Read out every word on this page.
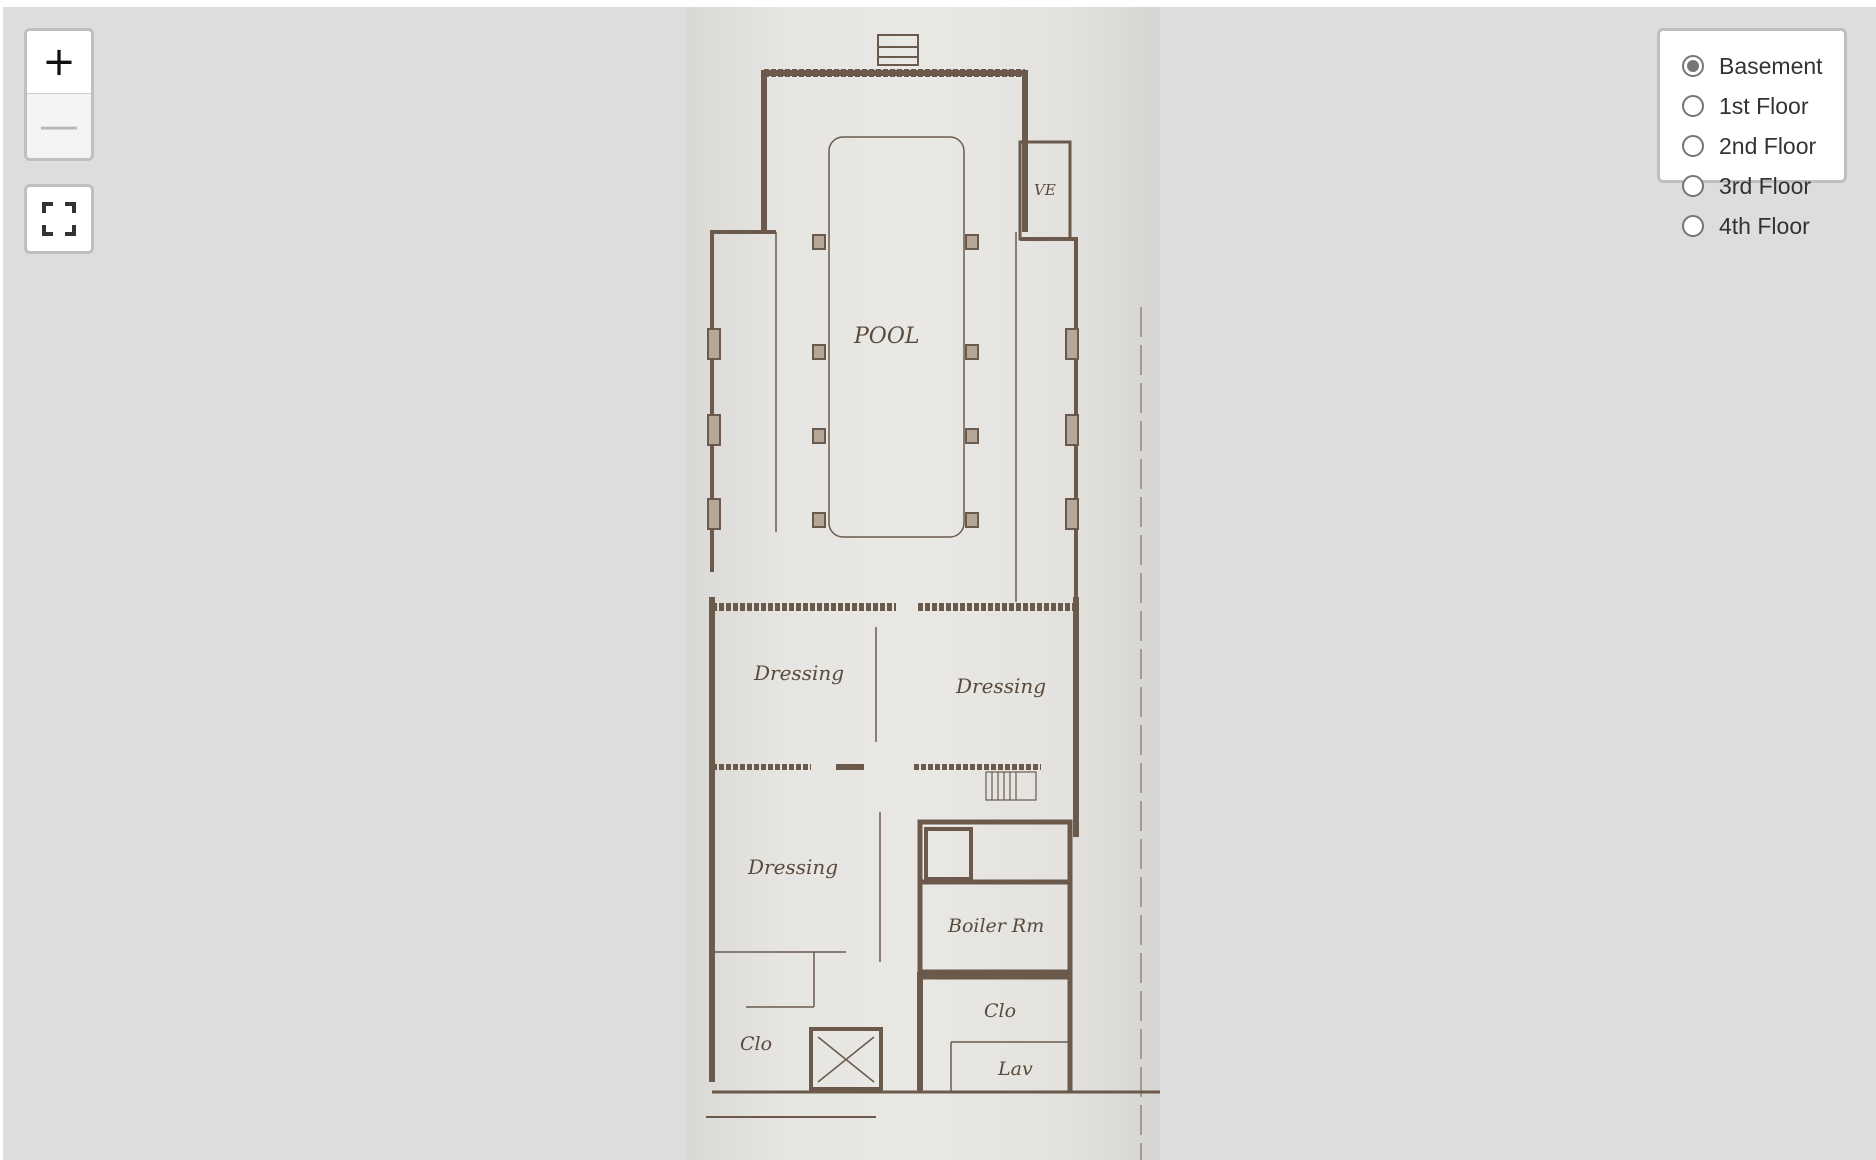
POOL
Dressing
Dressing
Dressing
Boiler Rm
Clo
Clo
Lav
VE
+
—
Basement
1st Floor
2nd Floor
3rd Floor
4th Floor
